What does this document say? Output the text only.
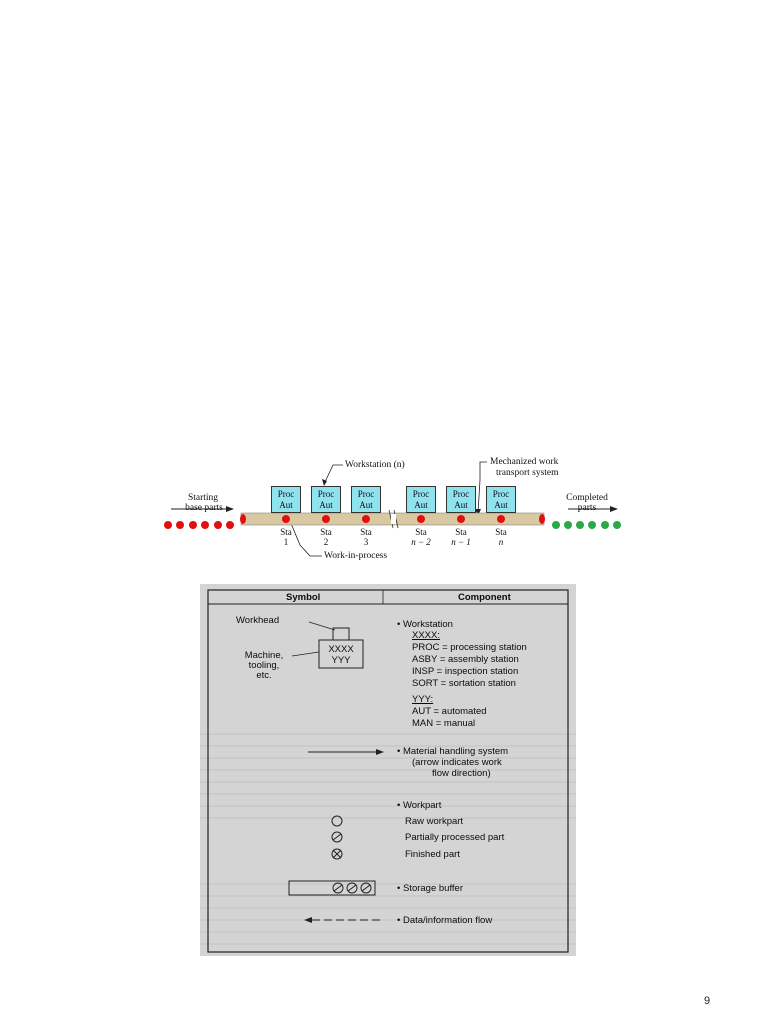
Proc
Aut
Proc
Aut
Proc
Aut
Proc
Aut
Proc
Aut
Proc
Aut
Sta
1
Sta
2
Sta
3
Sta
n − 2
Sta
n − 1
Sta
n
Workstation (n)	Mechanized work
transport system
Starting
base parts
Completed
parts
Work-in-process
Symbol	Component
Workhead
Machine,
tooling,
etc.
XXXX
YYY
• Workstation
XXXX:
PROC = processing station
ASBY = assembly station
INSP = inspection station
SORT = sortation station
YYY:
AUT = automated
MAN = manual
• Material handling system
(arrow indicates work
flow direction)
• Workpart
Raw workpart
Partially processed part
Finished part
• Storage buffer
• Data/information flow
9
